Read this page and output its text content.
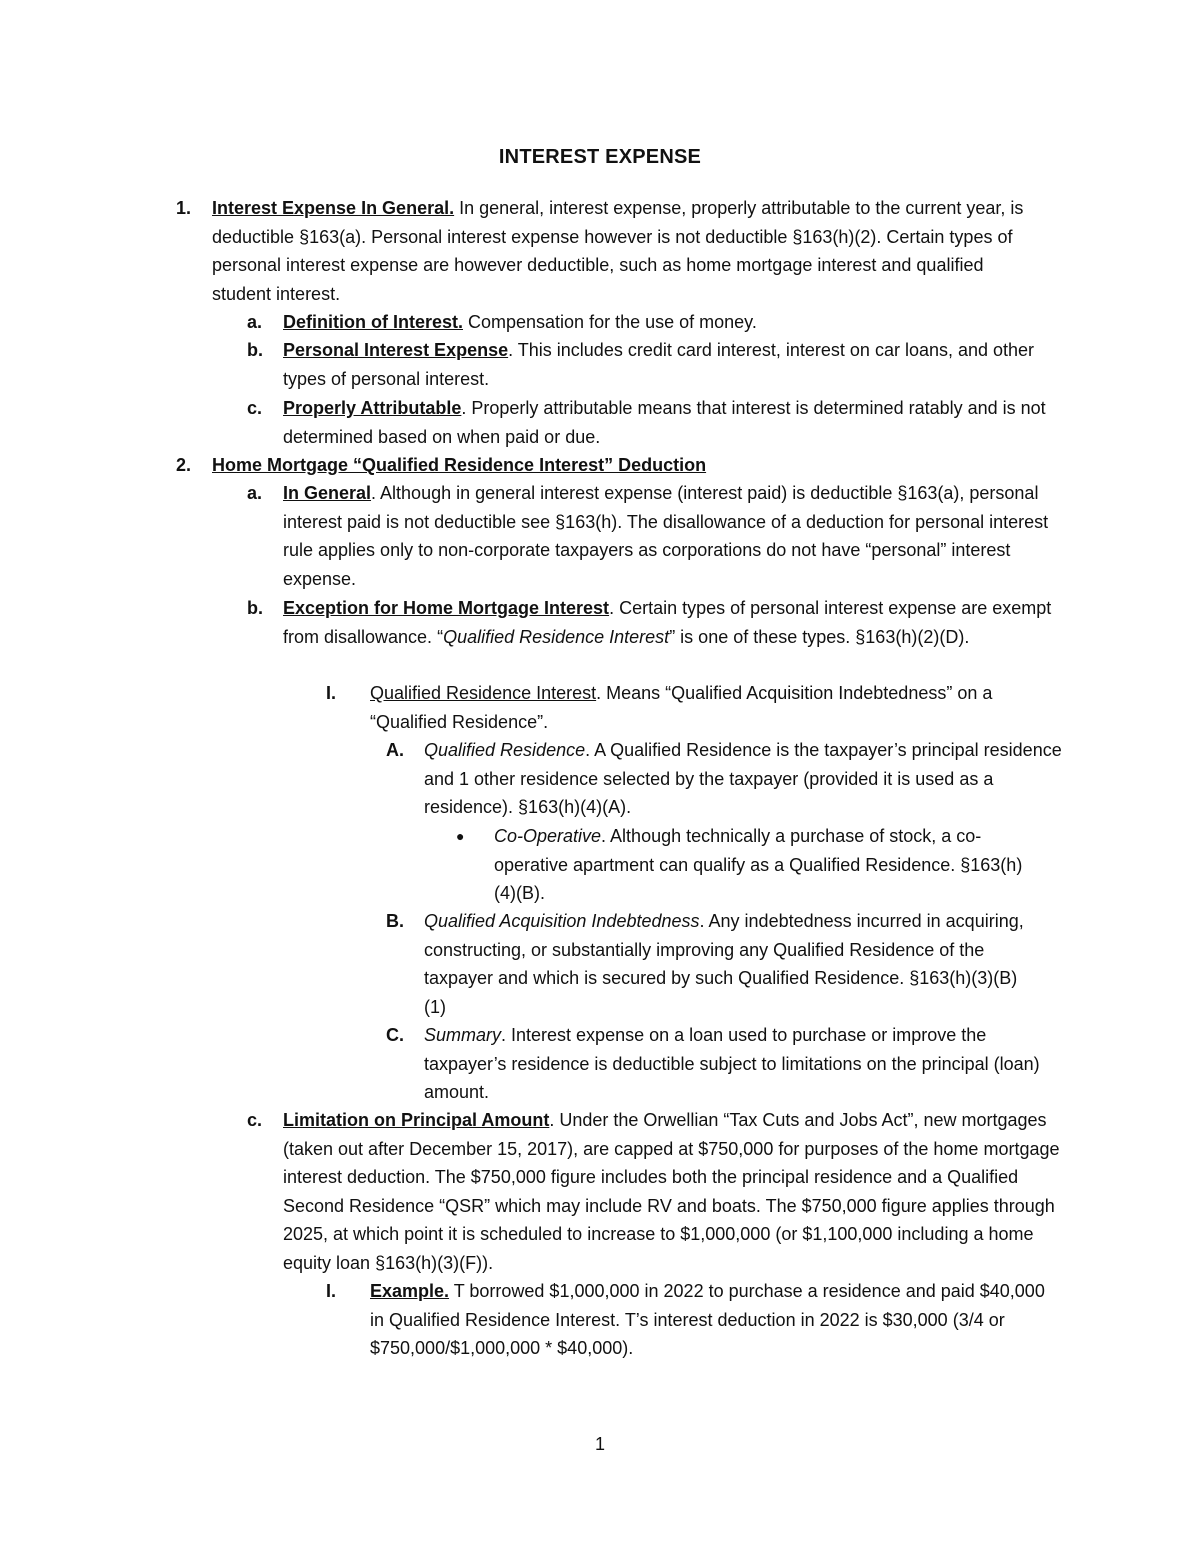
INTEREST EXPENSE
1. Interest Expense In General. In general, interest expense, properly attributable to the current year, is deductible §163(a). Personal interest expense however is not deductible §163(h)(2). Certain types of personal interest expense are however deductible, such as home mortgage interest and qualified student interest.
a. Definition of Interest. Compensation for the use of money.
b. Personal Interest Expense. This includes credit card interest, interest on car loans, and other types of personal interest.
c. Properly Attributable. Properly attributable means that interest is determined ratably and is not determined based on when paid or due.
2. Home Mortgage “Qualified Residence Interest” Deduction
a. In General. Although in general interest expense (interest paid) is deductible §163(a), personal interest paid is not deductible see §163(h). The disallowance of a deduction for personal interest rule applies only to non-corporate taxpayers as corporations do not have “personal” interest expense.
b. Exception for Home Mortgage Interest. Certain types of personal interest expense are exempt from disallowance. “Qualified Residence Interest” is one of these types. §163(h)(2)(D).
I. Qualified Residence Interest. Means “Qualified Acquisition Indebtedness” on a “Qualified Residence”.
A. Qualified Residence. A Qualified Residence is the taxpayer’s principal residence and 1 other residence selected by the taxpayer (provided it is used as a residence). §163(h)(4)(A).
● Co-Operative. Although technically a purchase of stock, a co-operative apartment can qualify as a Qualified Residence. §163(h)(4)(B).
B. Qualified Acquisition Indebtedness. Any indebtedness incurred in acquiring, constructing, or substantially improving any Qualified Residence of the taxpayer and which is secured by such Qualified Residence. §163(h)(3)(B)(1)
C. Summary. Interest expense on a loan used to purchase or improve the taxpayer’s residence is deductible subject to limitations on the principal (loan) amount.
c. Limitation on Principal Amount. Under the Orwellian “Tax Cuts and Jobs Act”, new mortgages (taken out after December 15, 2017), are capped at $750,000 for purposes of the home mortgage interest deduction. The $750,000 figure includes both the principal residence and a Qualified Second Residence “QSR” which may include RV and boats. The $750,000 figure applies through 2025, at which point it is scheduled to increase to $1,000,000 (or $1,100,000 including a home equity loan §163(h)(3)(F)).
I. Example. T borrowed $1,000,000 in 2022 to purchase a residence and paid $40,000 in Qualified Residence Interest. T’s interest deduction in 2022 is $30,000 (3/4 or $750,000/$1,000,000 * $40,000).
1
